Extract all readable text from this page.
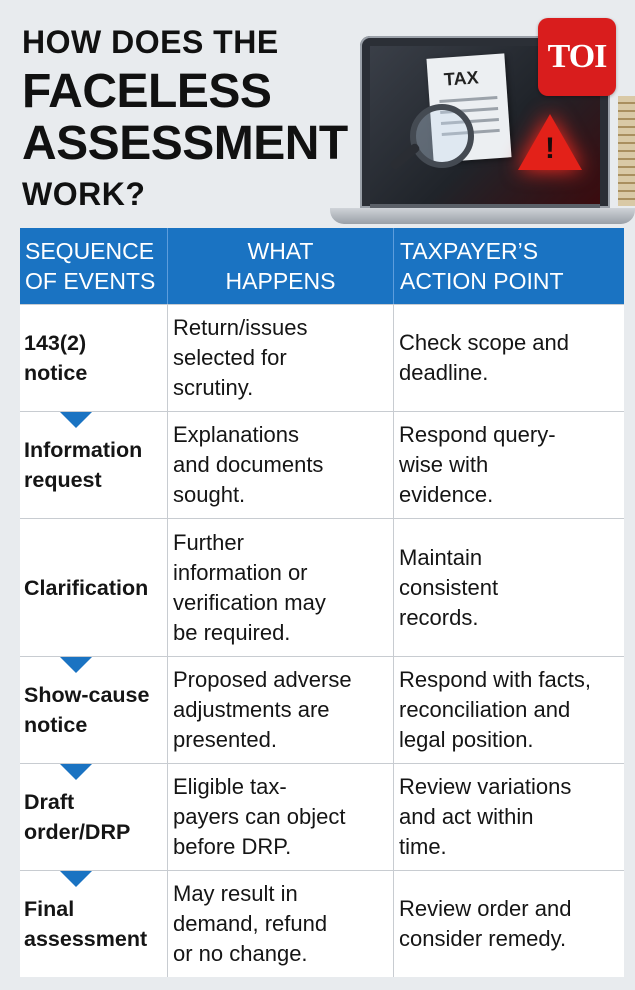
HOW DOES THE
FACELESS
ASSESSMENT
WORK?
TAX
!
TOI
SEQUENCE
OF EVENTS
WHAT
HAPPENS
TAXPAYER’S
ACTION POINT
143(2)
notice
Return/issues
selected for
scrutiny.
Check scope and
deadline.
Information
request
Explanations
and documents
sought.
Respond query-
wise with
evidence.
Clarification
Further
information or
verification may
be required.
Maintain
consistent
records.
Show-cause
notice
Proposed adverse
adjustments are
presented.
Respond with facts,
reconciliation and
legal position.
Draft
order/DRP
Eligible tax-
payers can object
before DRP.
Review variations
and act within
time.
Final
assessment
May result in
demand, refund
or no change.
Review order and
consider remedy.
